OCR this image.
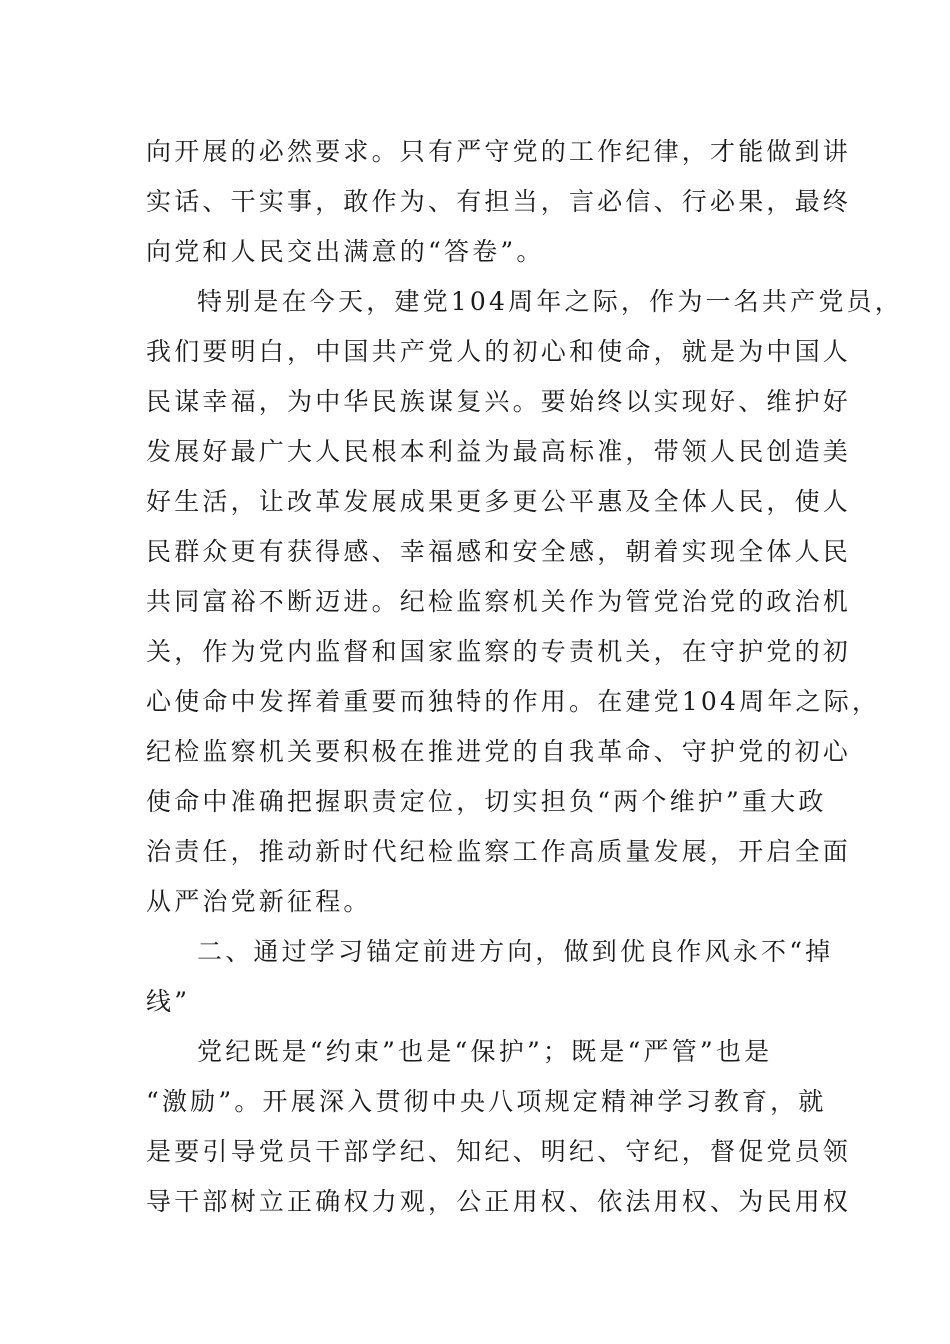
向开展的必然要求。只有严守党的工作纪律，才能做到讲
实话、干实事，敢作为、有担当，言必信、行必果，最终
向党和人民交出满意的“答卷”。
特别是在今天，建党104周年之际，作为一名共产党员，
我们要明白，中国共产党人的初心和使命，就是为中国人
民谋幸福，为中华民族谋复兴。要始终以实现好、维护好
发展好最广大人民根本利益为最高标准，带领人民创造美
好生活，让改革发展成果更多更公平惠及全体人民，使人
民群众更有获得感、幸福感和安全感，朝着实现全体人民
共同富裕不断迈进。纪检监察机关作为管党治党的政治机
关，作为党内监督和国家监察的专责机关，在守护党的初
心使命中发挥着重要而独特的作用。在建党104周年之际，
纪检监察机关要积极在推进党的自我革命、守护党的初心
使命中准确把握职责定位，切实担负“两个维护”重大政
治责任，推动新时代纪检监察工作高质量发展，开启全面
从严治党新征程。
二、通过学习锚定前进方向，做到优良作风永不“掉
线”
党纪既是“约束”也是“保护”；既是“严管”也是
“激励”。开展深入贯彻中央八项规定精神学习教育，就
是要引导党员干部学纪、知纪、明纪、守纪，督促党员领
导干部树立正确权力观，公正用权、依法用权、为民用权
